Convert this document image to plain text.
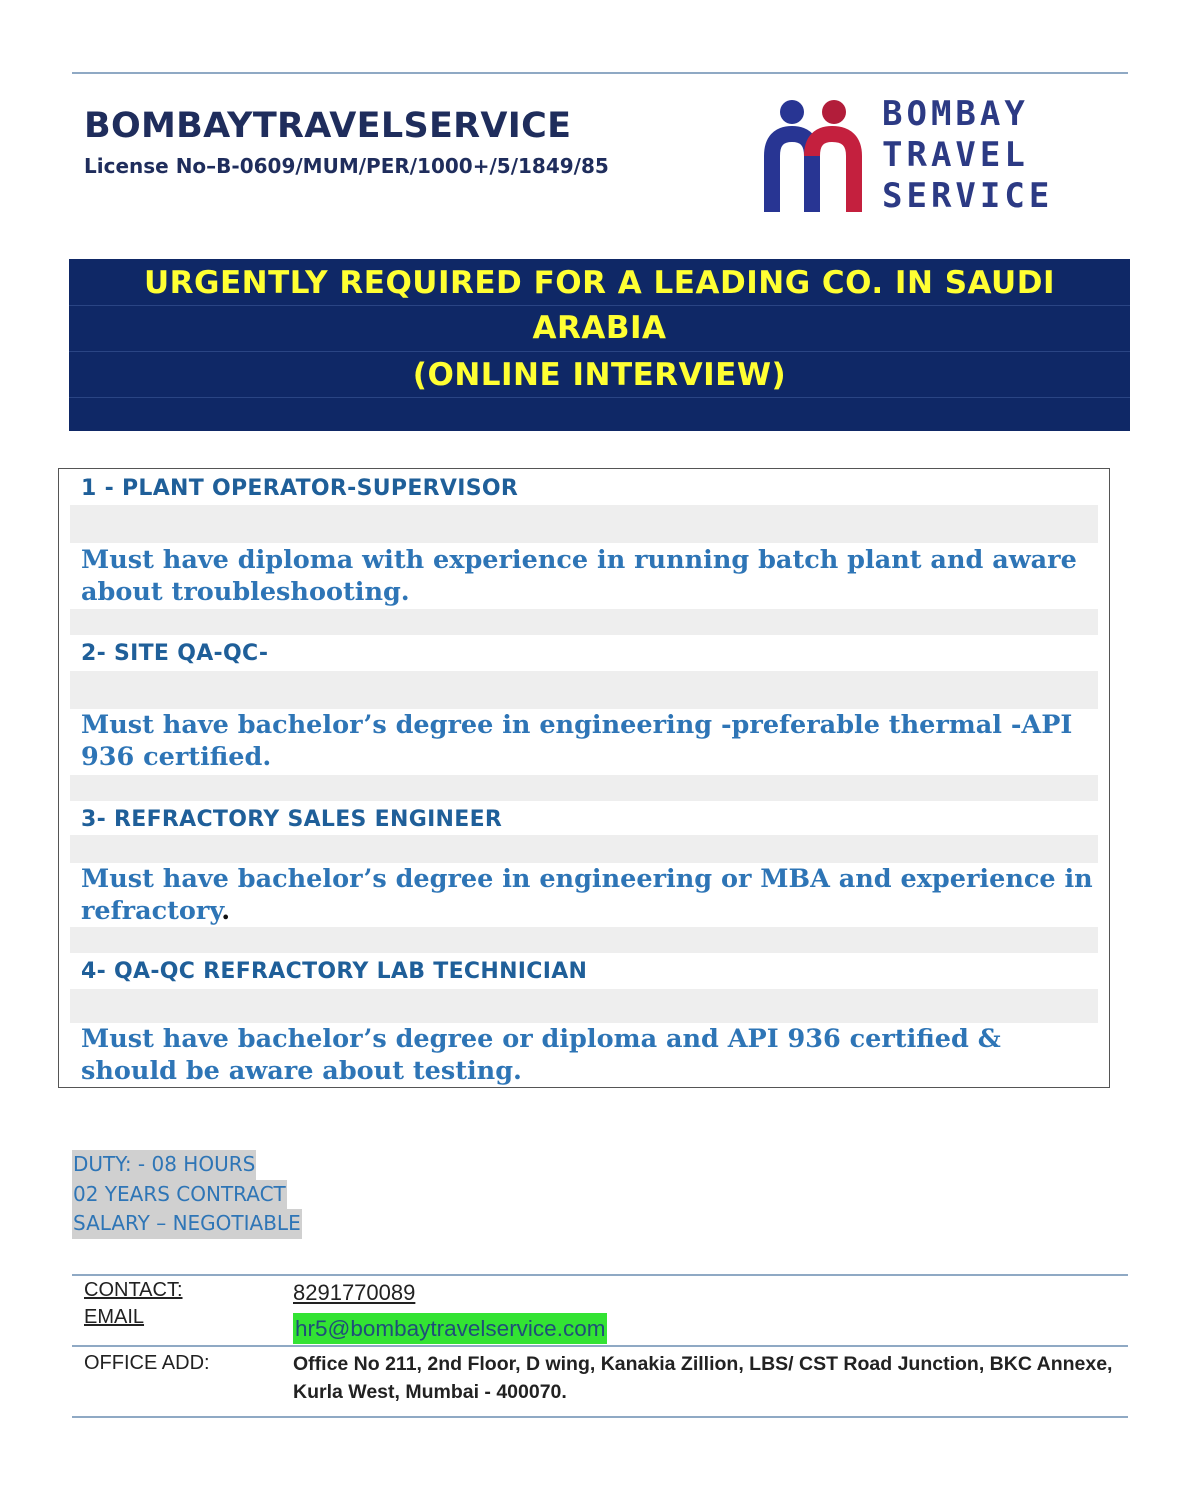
BOMBAYTRAVELSERVICE
License No–B-0609/MUM/PER/1000+/5/1849/85
BOMBAY
TRAVEL
SERVICE
URGENTLY REQUIRED FOR A LEADING CO. IN SAUDI
ARABIA
(ONLINE INTERVIEW)
1 - PLANT OPERATOR-SUPERVISOR
Must have diploma with experience in running batch plant and aware about troubleshooting.
2- SITE QA-QC-
Must have bachelor’s degree in engineering -preferable thermal -API 936 certified.
3- REFRACTORY SALES ENGINEER
Must have bachelor’s degree in engineering or MBA and experience in refractory.
4- QA-QC REFRACTORY LAB TECHNICIAN
Must have bachelor’s degree or diploma and API 936 certified & should be aware about testing.
DUTY: - 08 HOURS
02 YEARS CONTRACT
SALARY – NEGOTIABLE
CONTACT:
EMAIL
8291770089
hr5@bombaytravelservice.com
OFFICE ADD:	Office No 211, 2nd Floor, D wing, Kanakia Zillion, LBS/ CST Road Junction, BKC Annexe, Kurla West, Mumbai - 400070.
